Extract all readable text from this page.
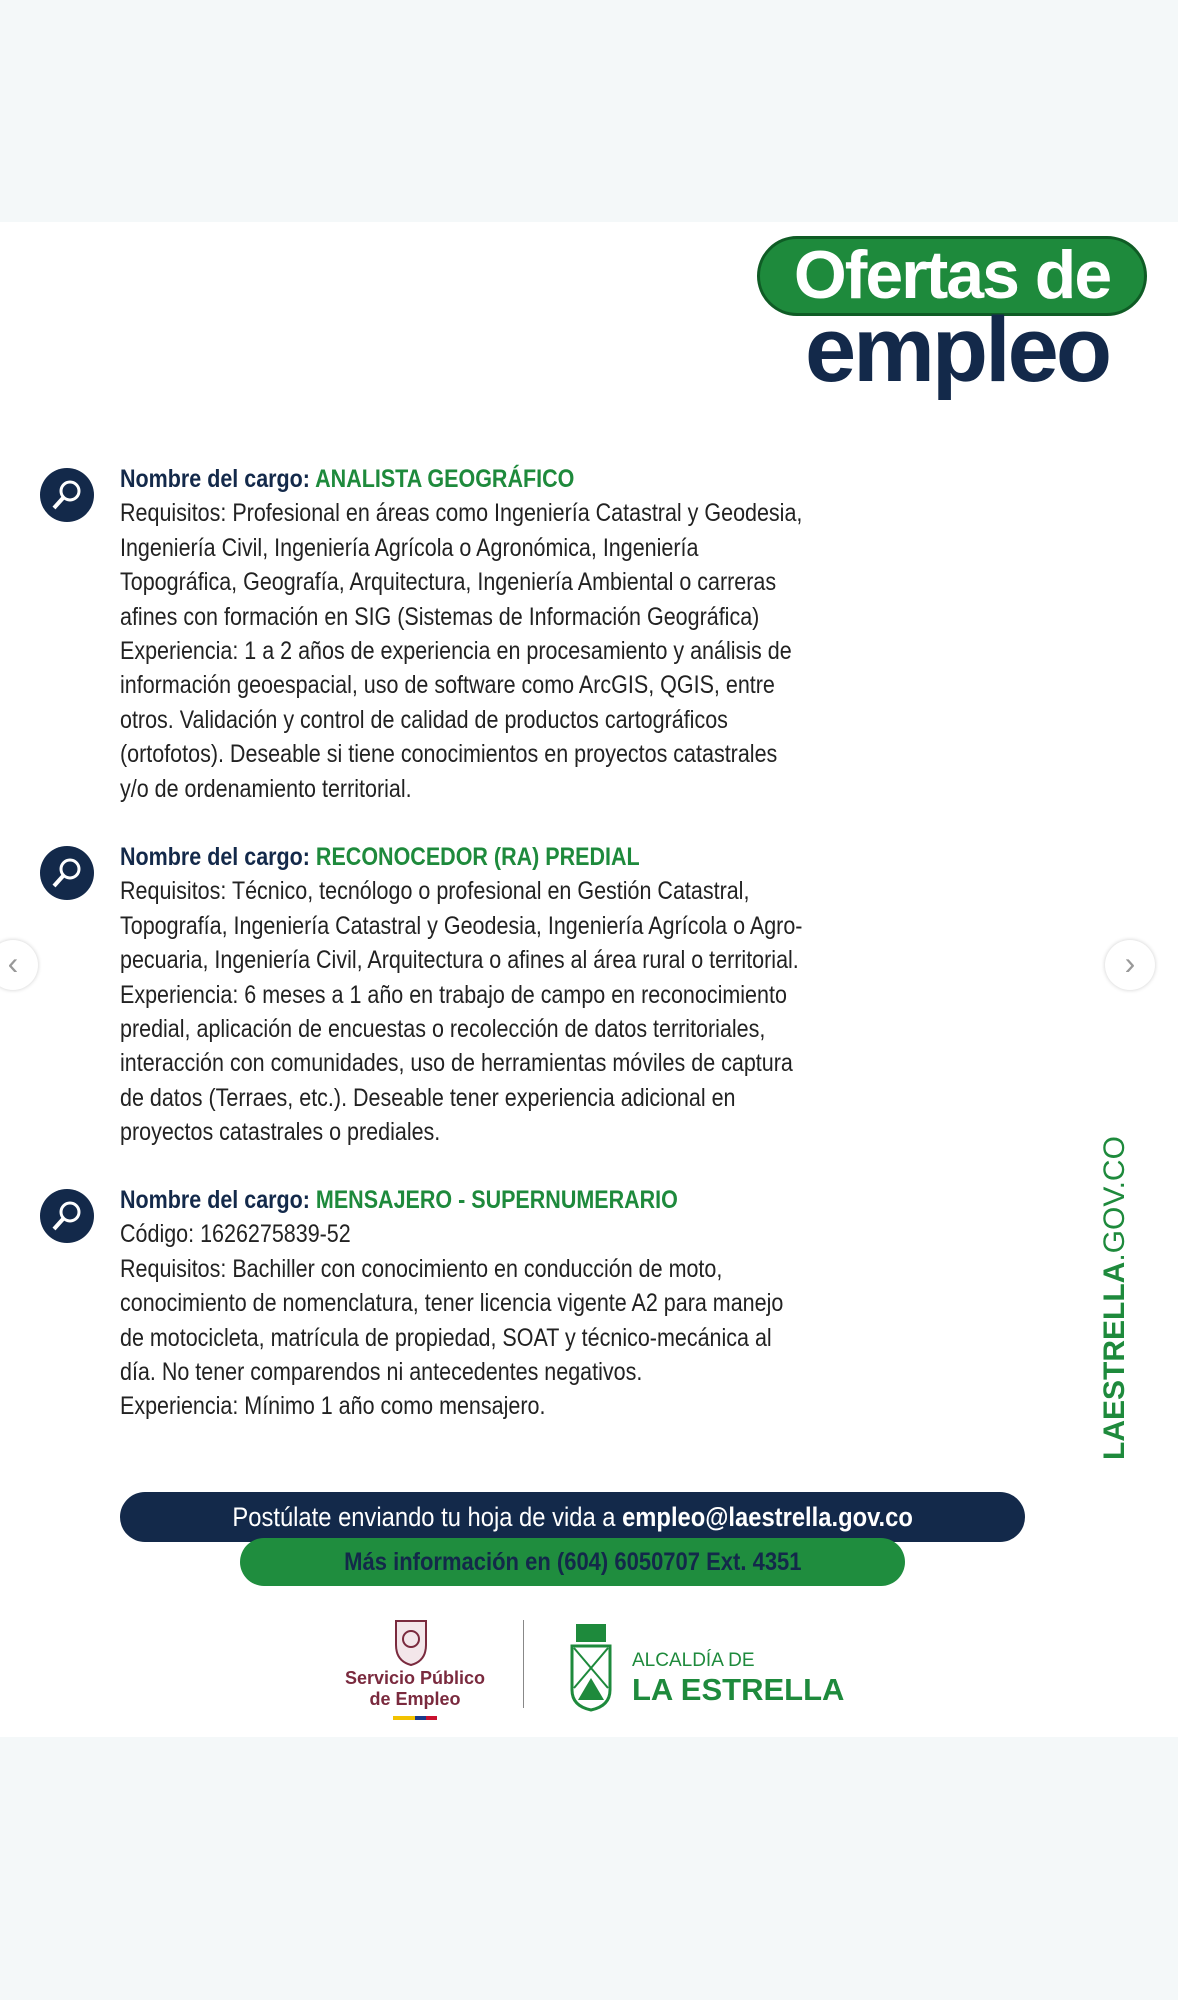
Ofertas de
empleo
Nombre del cargo: ANALISTA GEOGRÁFICO
Requisitos: Profesional en áreas como Ingeniería Catastral y Geodesia,
Ingeniería Civil, Ingeniería Agrícola o Agronómica, Ingeniería
Topográfica, Geografía, Arquitectura, Ingeniería Ambiental o carreras
afines con formación en SIG (Sistemas de Información Geográfica)
Experiencia: 1 a 2 años de experiencia en procesamiento y análisis de
información geoespacial, uso de software como ArcGIS, QGIS, entre
otros. Validación y control de calidad de productos cartográficos
(ortofotos). Deseable si tiene conocimientos en proyectos catastrales
y/o de ordenamiento territorial.
Nombre del cargo: RECONOCEDOR (RA) PREDIAL
Requisitos: Técnico, tecnólogo o profesional en Gestión Catastral,
Topografía, Ingeniería Catastral y Geodesia, Ingeniería Agrícola o Agro-
pecuaria, Ingeniería Civil, Arquitectura o afines al área rural o territorial.
Experiencia: 6 meses a 1 año en trabajo de campo en reconocimiento
predial, aplicación de encuestas o recolección de datos territoriales,
interacción con comunidades, uso de herramientas móviles de captura
de datos (Terraes, etc.). Deseable tener experiencia adicional en
proyectos catastrales o prediales.
Nombre del cargo: MENSAJERO - SUPERNUMERARIO
Código: 1626275839-52
Requisitos: Bachiller con conocimiento en conducción de moto,
conocimiento de nomenclatura, tener licencia vigente A2 para manejo
de motocicleta, matrícula de propiedad, SOAT y técnico-mecánica al
día. No tener comparendos ni antecedentes negativos.
Experiencia: Mínimo 1 año como mensajero.
Postúlate enviando tu hoja de vida a empleo@laestrella.gov.co
Más información en (604) 6050707 Ext. 4351
LAESTRELLA.GOV.CO
‹	›
Servicio Público
de Empleo
ALCALDÍA DE
LA ESTRELLA
